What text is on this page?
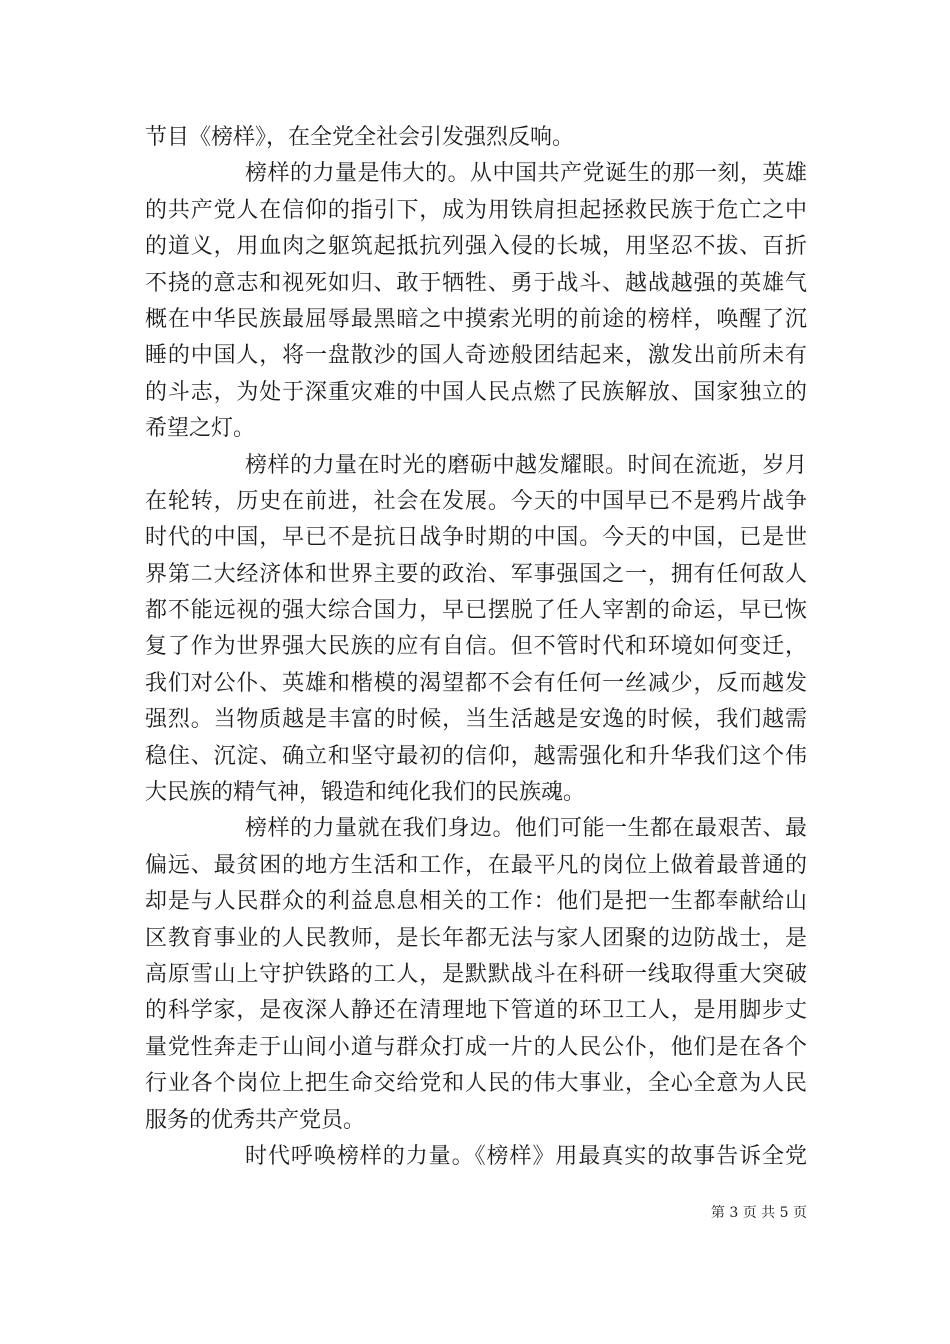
节目《榜样》，在全党全社会引发强烈反响。
榜样的力量是伟大的。从中国共产党诞生的那一刻，英雄
的共产党人在信仰的指引下，成为用铁肩担起拯救民族于危亡之中
的道义，用血肉之躯筑起抵抗列强入侵的长城，用坚忍不拔、百折
不挠的意志和视死如归、敢于牺牲、勇于战斗、越战越强的英雄气
概在中华民族最屈辱最黑暗之中摸索光明的前途的榜样，唤醒了沉
睡的中国人，将一盘散沙的国人奇迹般团结起来，激发出前所未有
的斗志，为处于深重灾难的中国人民点燃了民族解放、国家独立的
希望之灯。
榜样的力量在时光的磨砺中越发耀眼。时间在流逝，岁月
在轮转，历史在前进，社会在发展。今天的中国早已不是鸦片战争
时代的中国，早已不是抗日战争时期的中国。今天的中国，已是世
界第二大经济体和世界主要的政治、军事强国之一，拥有任何敌人
都不能远视的强大综合国力，早已摆脱了任人宰割的命运，早已恢
复了作为世界强大民族的应有自信。但不管时代和环境如何变迁，
我们对公仆、英雄和楷模的渴望都不会有任何一丝减少，反而越发
强烈。当物质越是丰富的时候，当生活越是安逸的时候，我们越需
稳住、沉淀、确立和坚守最初的信仰，越需强化和升华我们这个伟
大民族的精气神，锻造和纯化我们的民族魂。
榜样的力量就在我们身边。他们可能一生都在最艰苦、最
偏远、最贫困的地方生活和工作，在最平凡的岗位上做着最普通的
却是与人民群众的利益息息相关的工作：他们是把一生都奉献给山
区教育事业的人民教师，是长年都无法与家人团聚的边防战士，是
高原雪山上守护铁路的工人，是默默战斗在科研一线取得重大突破
的科学家，是夜深人静还在清理地下管道的环卫工人，是用脚步丈
量党性奔走于山间小道与群众打成一片的人民公仆，他们是在各个
行业各个岗位上把生命交给党和人民的伟大事业，全心全意为人民
服务的优秀共产党员。
时代呼唤榜样的力量。《榜样》用最真实的故事告诉全党
第 3 页 共 5 页
